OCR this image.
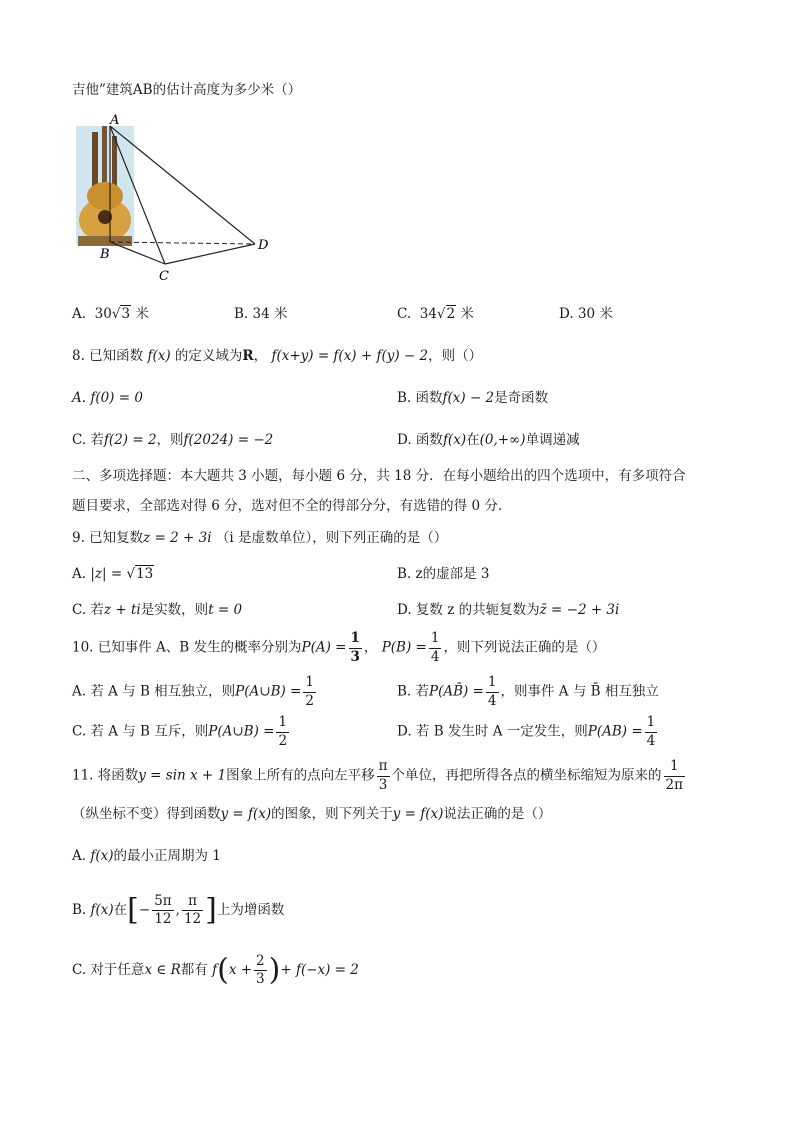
吉他”建筑AB的估计高度为多少米（）
A
B
C
D
A. 30√3 米	B. 34 米	C. 34√2 米	D. 30 米
8. 已知函数 f(x) 的定义域为R， f(x+y) = f(x) + f(y) − 2，则（）
A. f(0) = 0	B. 函数f(x) − 2是奇函数
C. 若f(2) = 2，则f(2024) = −2	D. 函数f(x)在(0,+∞)单调递减
二、多项选择题：本大题共 3 小题，每小题 6 分，共 18 分．在每小题给出的四个选项中，有多项符合
题目要求，全部选对得 6 分，选对但不全的得部分分，有选错的得 0 分．
9. 已知复数z = 2 + 3i （i 是虚数单位），则下列正确的是（）
A. |z| = √13	B. z的虚部是 3
C. 若z + ti是实数，则t = 0	D. 复数 z 的共轭复数为z̄ = −2 + 3i
10. 已知事件 A、B 发生的概率分别为$P(A) = \frac{1}{3}$ ， $P(B) = \frac{1}{4}$ ，则下列说法正确的是（）
A. 若 A 与 B 相互独立，则P(A∪B) = $\frac{1}{2}$	B. 若P(AB̄) = $\frac{1}{4}$ ，则事件 A 与 B̄ 相互独立
C. 若 A 与 B 互斥，则P(A∪B) = $\frac{1}{2}$	D. 若 B 发生时 A 一定发生，则$P(AB) = \frac{1}{4}$
11. 将函数y = sin x + 1图象上所有的点向左平移 $\frac{\pi}{3}$ 个单位，再把所得各点的横坐标缩短为原来的 $\frac{1}{2\pi}$
（纵坐标不变）得到函数y = f(x)的图象，则下列关于y = f(x)说法正确的是（）
A. f(x)的最小正周期为 1
B. f(x)在[− $\frac{5\pi}{12}$ , $\frac{\pi}{12}$ ]上为增函数
C. 对于任意x ∈ R都有 $f(x + \frac{2}{3}$ )+ f(−x) = 2
